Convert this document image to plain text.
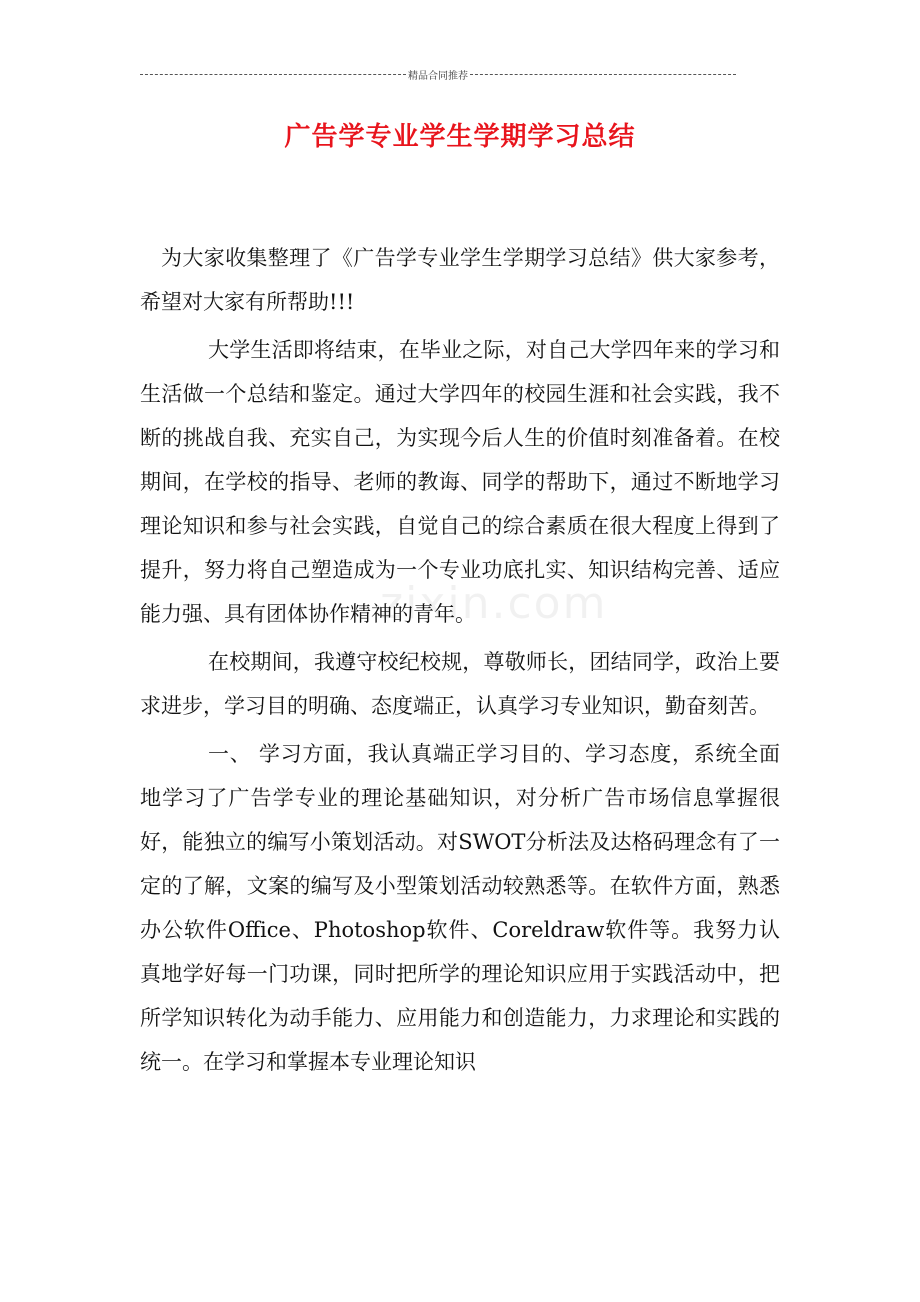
精品合同推荐
广告学专业学生学期学习总结
zixin.com

为大家收集整理了《广告学专业学生学期学习总结》供大家参考，希望对大家有所帮助!!!

大学生活即将结束，在毕业之际，对自己大学四年来的学习和生活做一个总结和鉴定。通过大学四年的校园生涯和社会实践，我不断的挑战自我、充实自己，为实现今后人生的价值时刻准备着。在校期间，在学校的指导、老师的教诲、同学的帮助下，通过不断地学习理论知识和参与社会实践，自觉自己的综合素质在很大程度上得到了提升，努力将自己塑造成为一个专业功底扎实、知识结构完善、适应能力强、具有团体协作精神的青年。

在校期间，我遵守校纪校规，尊敬师长，团结同学，政治上要求进步，学习目的明确、态度端正，认真学习专业知识，勤奋刻苦。

一、 学习方面，我认真端正学习目的、学习态度，系统全面地学习了广告学专业的理论基础知识，对分析广告市场信息掌握很好，能独立的编写小策划活动。对SWOT分析法及达格码理念有了一定的了解，文案的编写及小型策划活动较熟悉等。在软件方面，熟悉办公软件Office、Photoshop软件、Coreldraw软件等。我努力认真地学好每一门功课，同时把所学的理论知识应用于实践活动中，把所学知识转化为动手能力、应用能力和创造能力，力求理论和实践的统一。在学习和掌握本专业理论知识
